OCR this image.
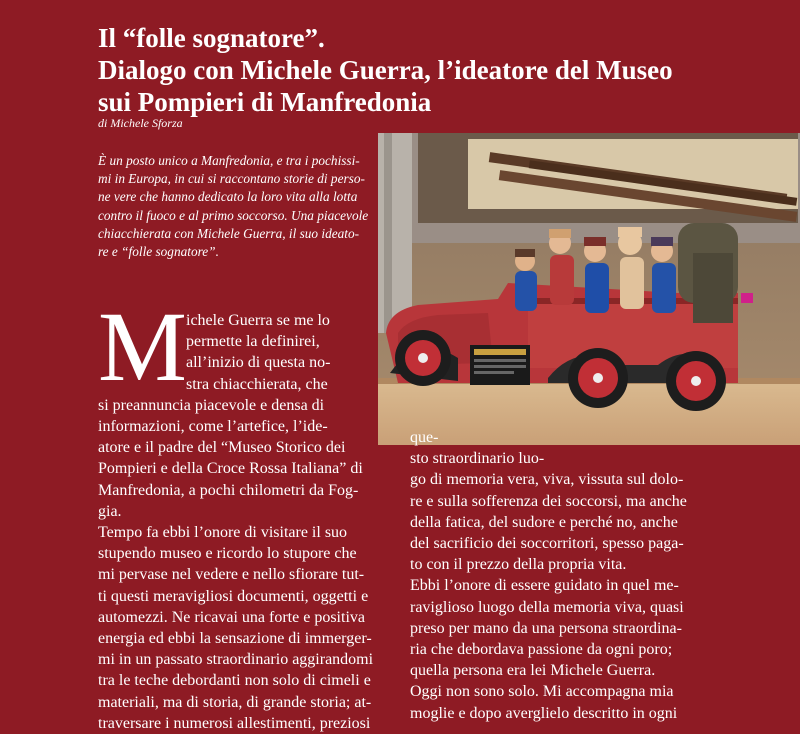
Il “folle sognatore”.
Dialogo con Michele Guerra, l’ideatore del Museo
sui Pompieri di Manfredonia
di Michele Sforza
È un posto unico a Manfredonia, e tra i pochissi-
mi in Europa, in cui si raccontano storie di perso-
ne vere che hanno dedicato la loro vita alla lotta
contro il fuoco e al primo soccorso. Una piacevole
chiacchierata con Michele Guerra, il suo ideato-
re e “folle sognatore”.
M ichele Guerra se me lo
permette la definirei,
all’inizio di questa no-
stra chiacchierata, che
si preannuncia piacevole e densa di
informazioni, come l’artefice, l’ide-
atore e il padre del “Museo Storico dei
Pompieri e della Croce Rossa Italiana” di
Manfredonia, a pochi chilometri da Fog-
gia.
Tempo fa ebbi l’onore di visitare il suo
stupendo museo e ricordo lo stupore che
mi pervase nel vedere e nello sfiorare tut-
ti questi meravigliosi documenti, oggetti e
automezzi. Ne ricavai una forte e positiva
energia ed ebbi la sensazione di immerger-
mi in un passato straordinario aggirandomi
tra le teche debordanti non solo di cimeli e
materiali, ma di storia, di grande storia; at-
traversare i numerosi allestimenti, preziosi
que-
sto straordinario luo-
go di memoria vera, viva, vissuta sul dolo-
re e sulla sofferenza dei soccorsi, ma anche
della fatica, del sudore e perché no, anche
del sacrificio dei soccorritori, spesso paga-
to con il prezzo della propria vita.
Ebbi l’onore di essere guidato in quel me-
raviglioso luogo della memoria viva, quasi
preso per mano da una persona straordina-
ria che debordava passione da ogni poro;
quella persona era lei Michele Guerra.
Oggi non sono solo. Mi accompagna mia
moglie e dopo averglielo descritto in ogni
